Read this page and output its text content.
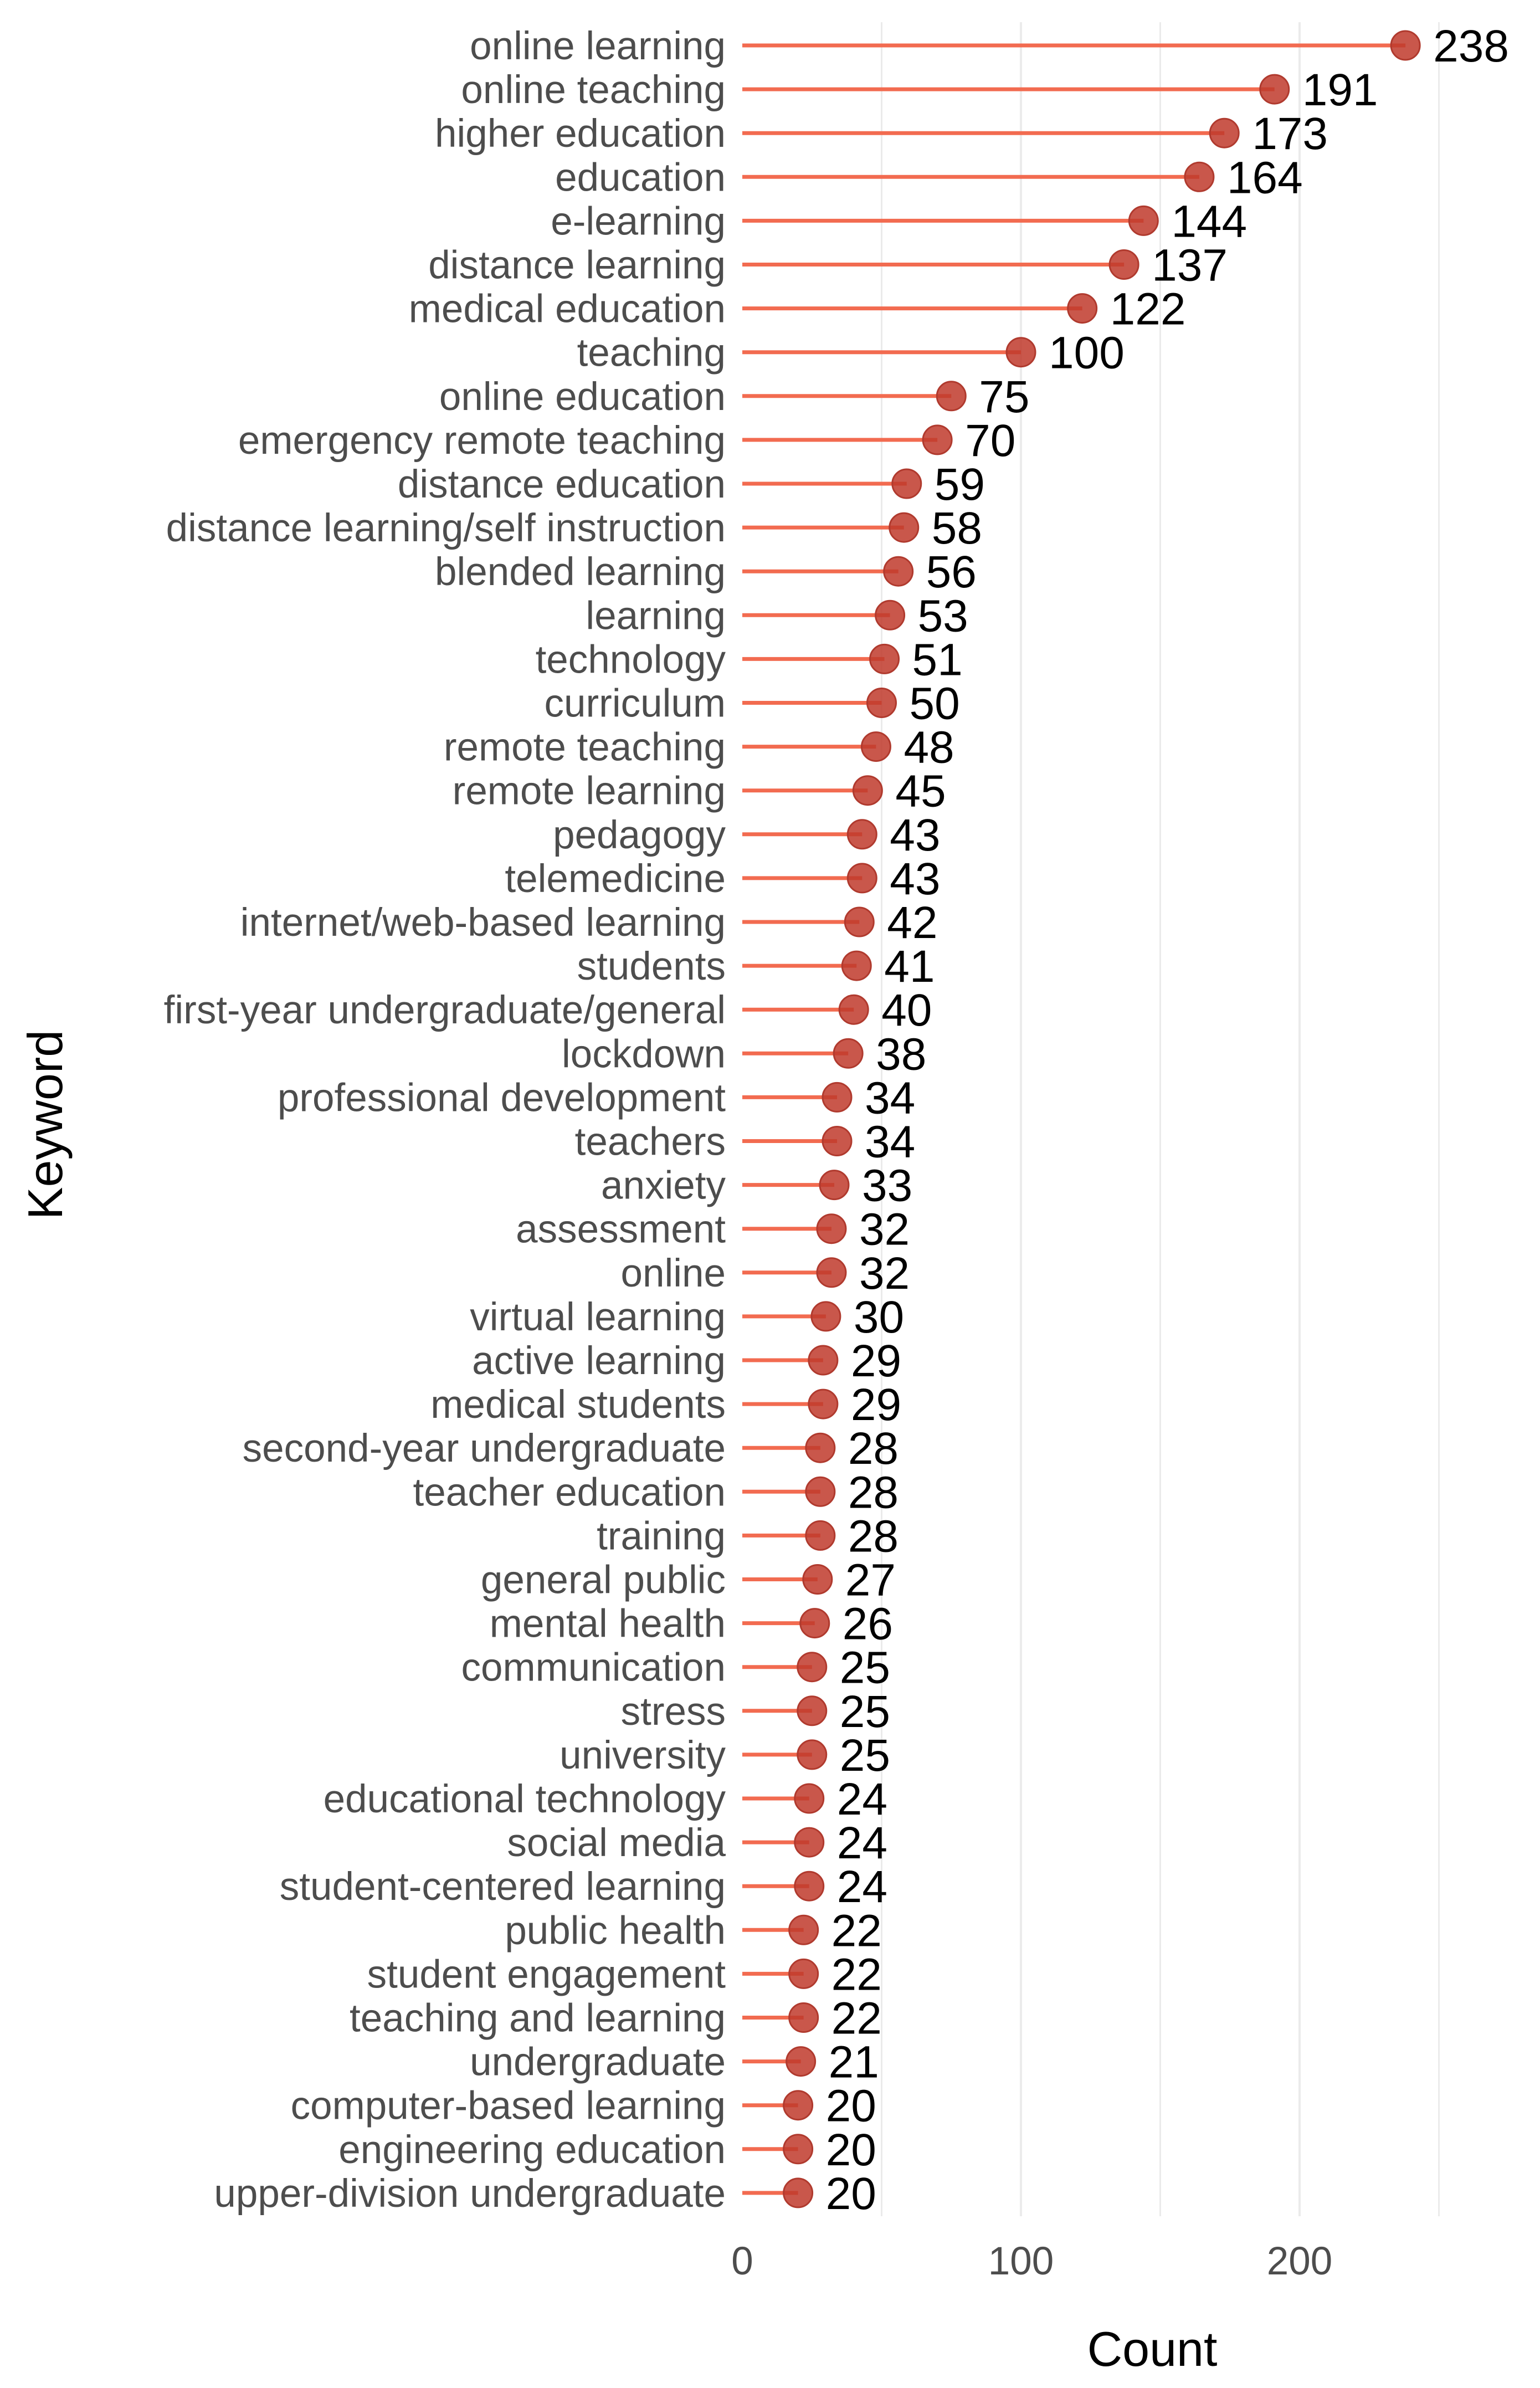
online learning
online teaching
higher education
education
e-learning
distance learning
medical education
teaching
online education
emergency remote teaching
distance education
distance learning/self instruction
blended learning
learning
technology
curriculum
remote teaching
remote learning
pedagogy
telemedicine
internet/web-based learning
students
first-year undergraduate/general
lockdown
professional development
teachers
anxiety
assessment
online
virtual learning
active learning
medical students
second-year undergraduate
teacher education
training
general public
mental health
communication
stress
university
educational technology
social media
student-centered learning
public health
student engagement
teaching and learning
undergraduate
computer-based learning
engineering education
upper-division undergraduate
238
191
173
164
144
137
122
100
75
70
59
58
56
53
51
50
48
45
43
43
42
41
40
38
34
34
33
32
32
30
29
29
28
28
28
27
26
25
25
25
24
24
24
22
22
22
21
20
20
20
0	100	200
Count
Keyword
